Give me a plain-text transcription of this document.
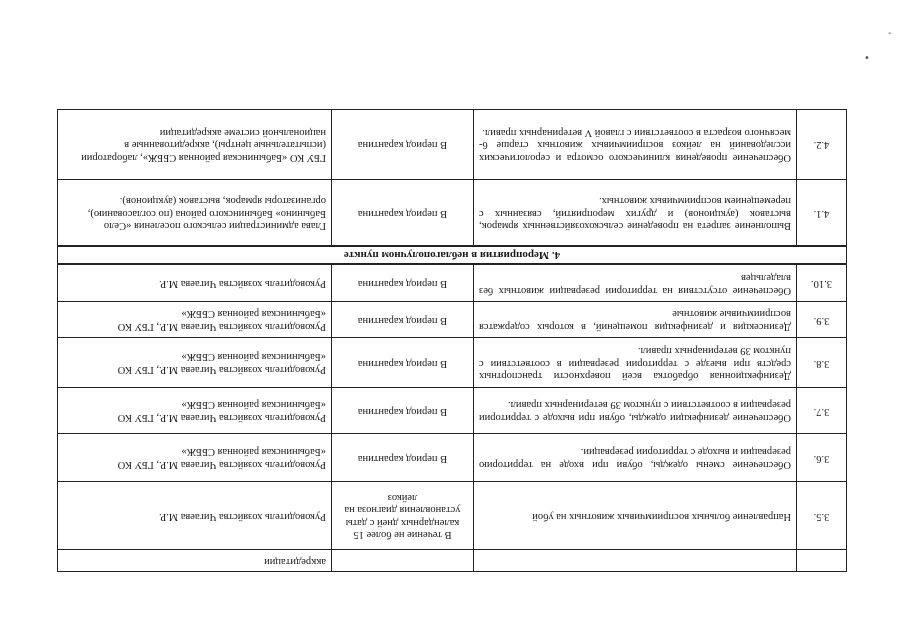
			аккредитации
3.5.	Направление больных восприимчивых животных на убой	В течение не более 15 календарных дней с даты установления диагноза на лейкоз	Руководитель хозяйства Чигаева М.Р.
3.6.	Обеспечение смены одежды, обуви при входе на территорию резервации и выходе с территории резервации.	В период карантина	Руководитель хозяйства Чигаева М.Р., ГБУ КО «Бабынинская районная СББЖ»
3.7.	Обеспечение дезинфекции одежды, обуви при выходе с территории резервации в соответствии с пунктом 39 ветеринарных правил.	В период карантина	Руководитель хозяйства Чигаева М.Р., ГБУ КО «Бабынинская районная СББЖ»
3.8.	Дезинфекционная обработка всей поверхности транспортных средств при выезде с территории резервации в соответствии с пунктом 39 ветеринарных правил.	В период карантина	Руководитель хозяйства Чигаева М.Р., ГБУ КО «Бабынинская районная СББЖ»
3.9.	Дезинсекция и дезинфекция помещений, в которых содержатся восприимчивые животные	В период карантина	Руководитель хозяйства Чигаева М.Р., ГБУ КО «Бабынинская районная СББЖ»
3.10.	Обеспечение отсутствия на территории резервации животных без владельцев	В период карантина	Руководитель хозяйства Чигаева М.Р.
4. Мероприятия в неблагополучном пункте			
4.1.	Выполнение запрета на проведение сельскохозяйственных ярмарок, выставок (аукционов) и других мероприятий, связанных с перемещением восприимчивых животных.	В период карантина	Глава администрации сельского поселения «Село Бабынино» Бабынинского района (по согласованию), организаторы ярмарок, выставок (аукционов).
4.2.	Обеспечение проведения клинического осмотра и серологических исследований на лейкоз восприимчивых животных старше 6-месячного возраста в соответствии с главой V ветеринарных правил.	В период карантина	ГБУ КО «Бабынинская районная СББЖ», лаборатории (испытательные центры), аккредитованные в национальной системе аккредитации
-
•
